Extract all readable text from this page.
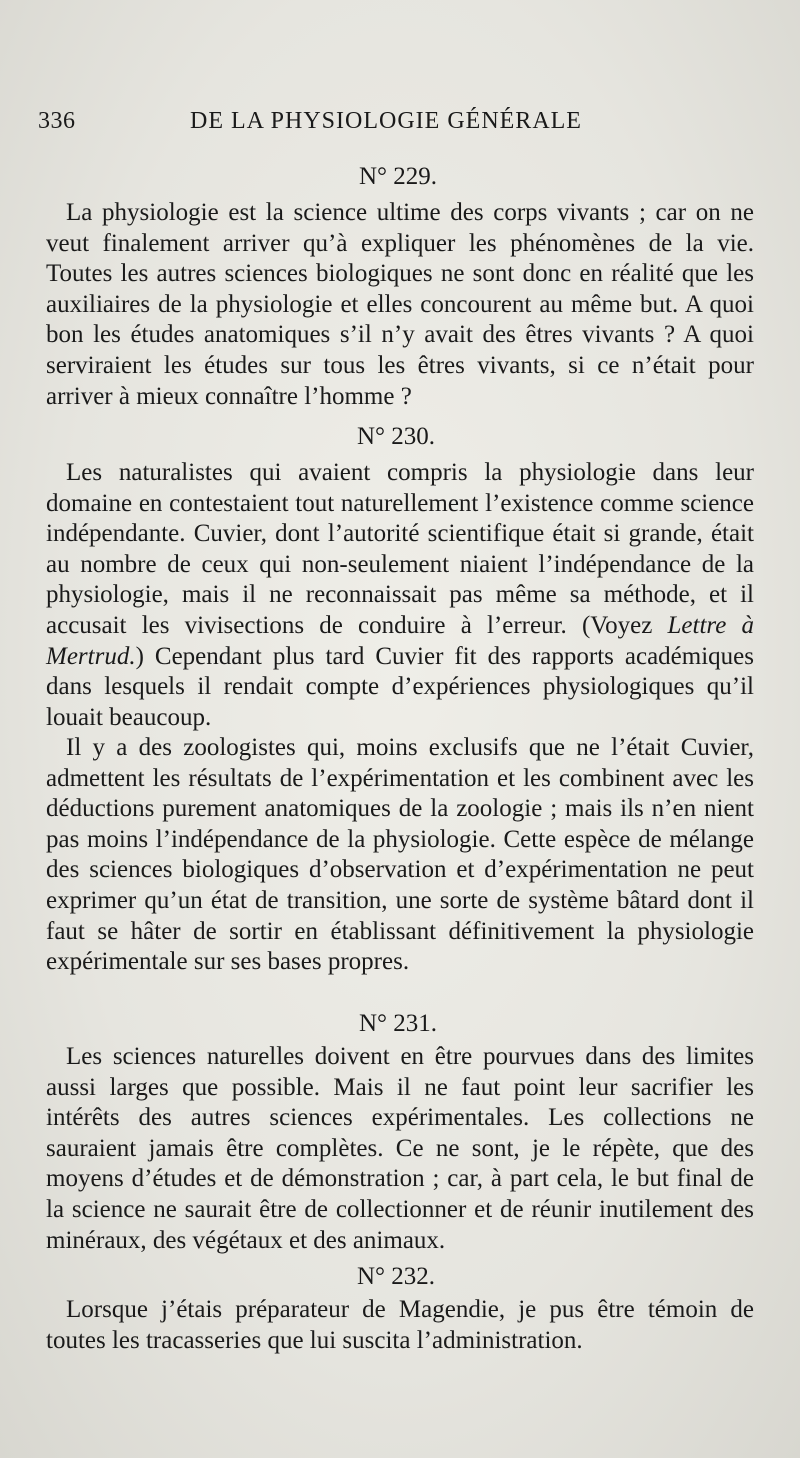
336	DE LA PHYSIOLOGIE GÉNÉRALE
N° 229.
La physiologie est la science ultime des corps vivants ; car on ne veut finalement arriver qu’à expliquer les phénomènes de la vie. Toutes les autres sciences biologiques ne sont donc en réalité que les auxiliaires de la physiologie et elles concourent au même but. A quoi bon les études anatomiques s’il n’y avait des êtres vivants ? A quoi serviraient les études sur tous les êtres vivants, si ce n’était pour arriver à mieux connaître l’homme ?
N° 230.
Les naturalistes qui avaient compris la physiologie dans leur domaine en contestaient tout naturellement l’existence comme science indépendante. Cuvier, dont l’autorité scientifique était si grande, était au nombre de ceux qui non-seulement niaient l’indépendance de la physiologie, mais il ne reconnaissait pas même sa méthode, et il accusait les vivisections de conduire à l’erreur. (Voyez Lettre à Mertrud.) Cependant plus tard Cuvier fit des rapports académiques dans lesquels il rendait compte d’expériences physiologiques qu’il louait beaucoup.
Il y a des zoologistes qui, moins exclusifs que ne l’était Cuvier, admettent les résultats de l’expérimentation et les combinent avec les déductions purement anatomiques de la zoologie ; mais ils n’en nient pas moins l’indépendance de la physiologie. Cette espèce de mélange des sciences biologiques d’observation et d’expérimentation ne peut exprimer qu’un état de transition, une sorte de système bâtard dont il faut se hâter de sortir en établissant définitivement la physiologie expérimentale sur ses bases propres.
N° 231.
Les sciences naturelles doivent en être pourvues dans des limites aussi larges que possible. Mais il ne faut point leur sacrifier les intérêts des autres sciences expérimentales. Les collections ne sauraient jamais être complètes. Ce ne sont, je le répète, que des moyens d’études et de démonstration ; car, à part cela, le but final de la science ne saurait être de collectionner et de réunir inutilement des minéraux, des végétaux et des animaux.
N° 232.
Lorsque j’étais préparateur de Magendie, je pus être témoin de toutes les tracasseries que lui suscita l’administration.
